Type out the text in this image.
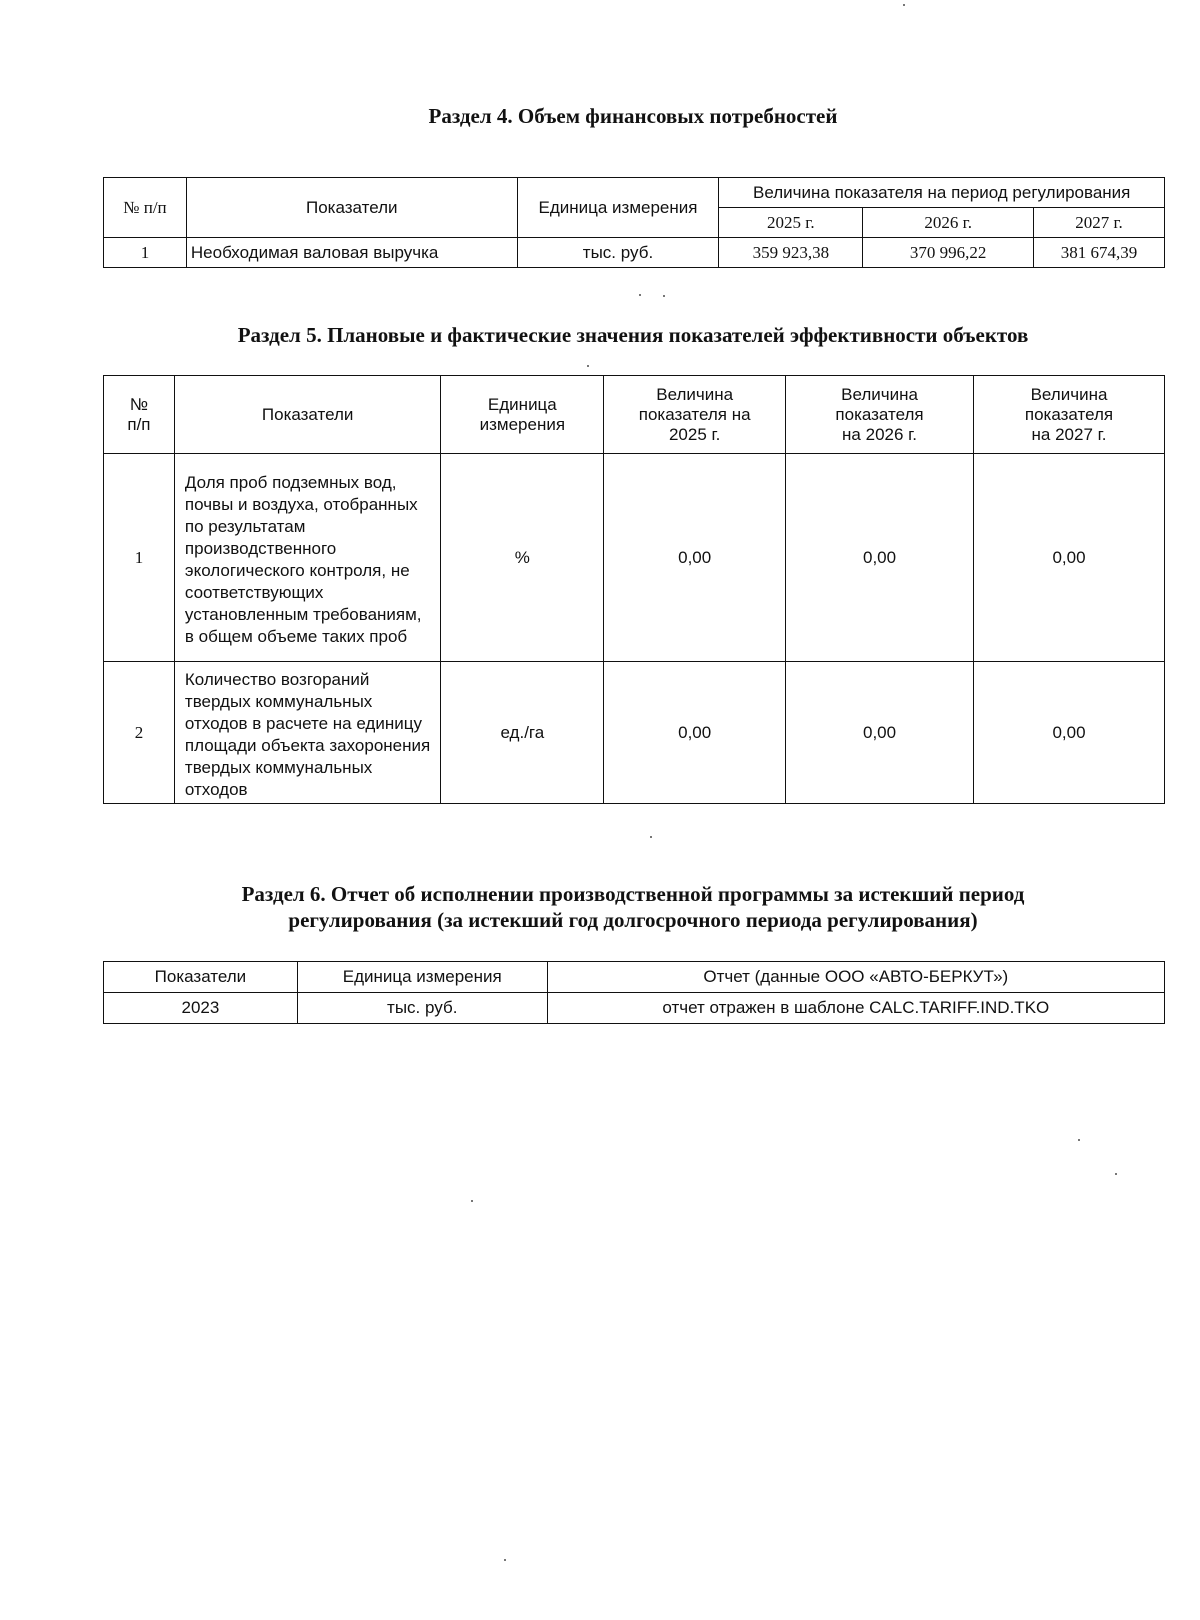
Раздел 4. Объем финансовых потребностей
№ п/п	Показатели	Единица измерения	Величина показателя на период регулирования		
			2025 г.	2026 г.	2027 г.
1	Необходимая валовая выручка	тыс. руб.	359 923,38	370 996,22	381 674,39
Раздел 5. Плановые и фактические значения показателей эффективности объектов
№ п/п	Показатели	Единица измерения	Величина показателя на 2025 г.	Величина показателя на 2026 г.	Величина показателя на 2027 г.
1	Доля проб подземных вод, почвы и воздуха, отобранных по результатам производственного экологического контроля, не соответствующих установленным требованиям, в общем объеме таких проб	%	0,00	0,00	0,00
2	Количество возгораний твердых коммунальных отходов в расчете на единицу площади объекта захоронения твердых коммунальных отходов	ед./га	0,00	0,00	0,00
Раздел 6. Отчет об исполнении производственной программы за истекший период
регулирования (за истекший год долгосрочного периода регулирования)
Показатели	Единица измерения	Отчет (данные ООО «АВТО-БЕРКУТ»)
2023	тыс. руб.	отчет отражен в шаблоне CALC.TARIFF.IND.TKO
